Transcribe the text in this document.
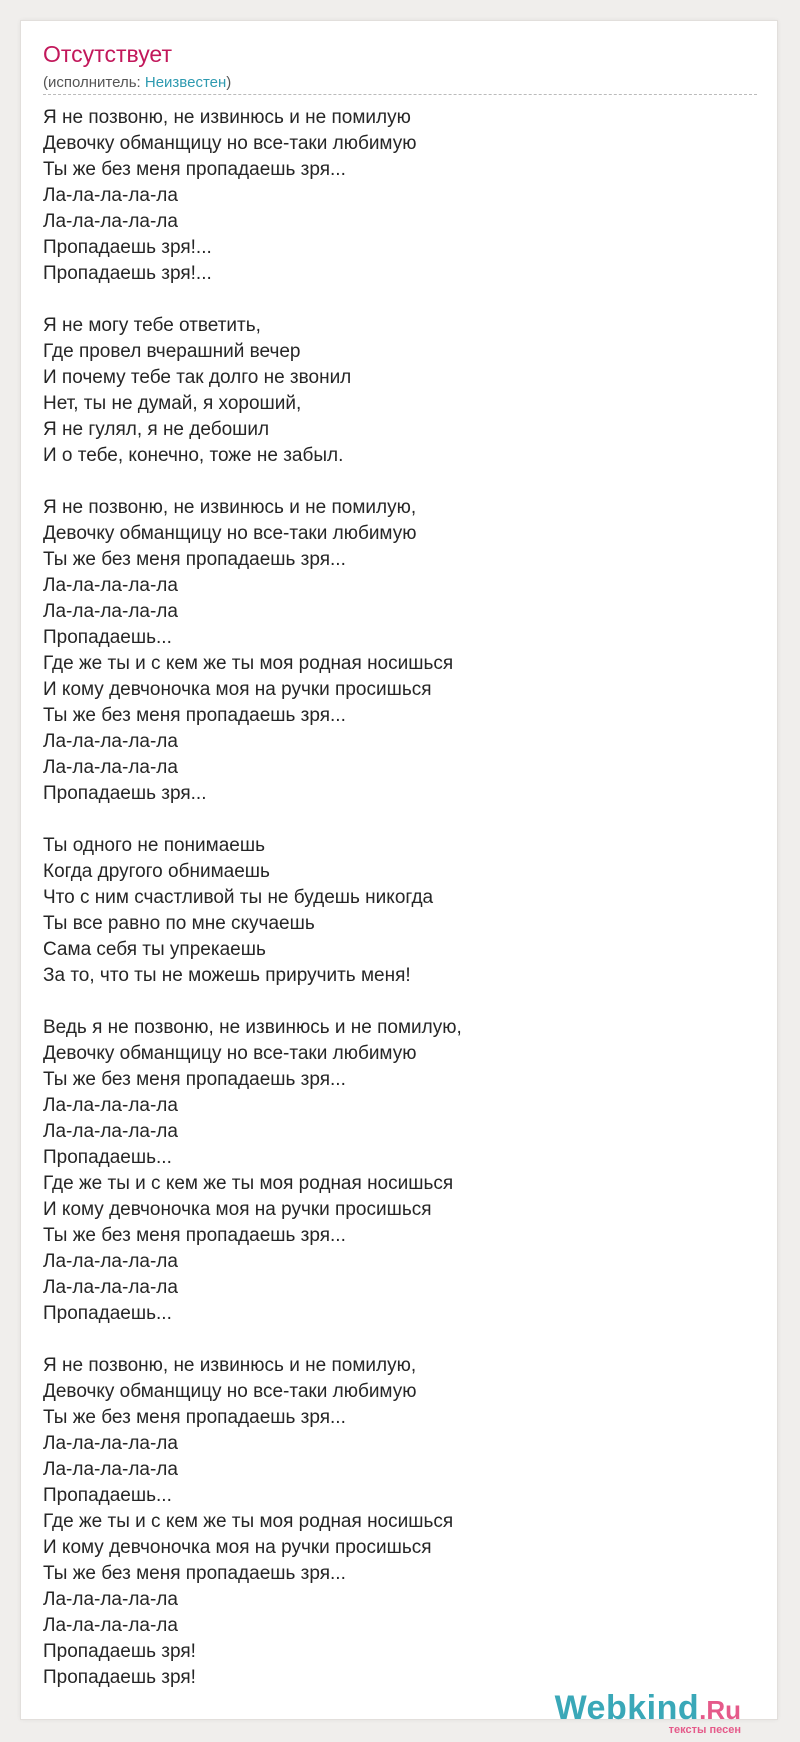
Отсутствует
(исполнитель: Неизвестен)
Я не позвоню, не извинюсь и не помилую
Девочку обманщицу но все-таки любимую
Ты же без меня пропадаешь зря...
Ла-ла-ла-ла-ла
Ла-ла-ла-ла-ла
Пропадаешь зря!...
Пропадаешь зря!...
Я не могу тебе ответить,
Где провел вчерашний вечер
И почему тебе так долго не звонил
Нет, ты не думай, я хороший,
Я не гулял, я не дебошил
И о тебе, конечно, тоже не забыл.
Я не позвоню, не извинюсь и не помилую,
Девочку обманщицу но все-таки любимую
Ты же без меня пропадаешь зря...
Ла-ла-ла-ла-ла
Ла-ла-ла-ла-ла
Пропадаешь...
Где же ты и с кем же ты моя родная носишься
И кому девчоночка моя на ручки просишься
Ты же без меня пропадаешь зря...
Ла-ла-ла-ла-ла
Ла-ла-ла-ла-ла
Пропадаешь зря...
Ты одного не понимаешь
Когда другого обнимаешь
Что с ним счастливой ты не будешь никогда
Ты все равно по мне скучаешь
Сама себя ты упрекаешь
За то, что ты не можешь приручить меня!
Ведь я не позвоню, не извинюсь и не помилую,
Девочку обманщицу но все-таки любимую
Ты же без меня пропадаешь зря...
Ла-ла-ла-ла-ла
Ла-ла-ла-ла-ла
Пропадаешь...
Где же ты и с кем же ты моя родная носишься
И кому девчоночка моя на ручки просишься
Ты же без меня пропадаешь зря...
Ла-ла-ла-ла-ла
Ла-ла-ла-ла-ла
Пропадаешь...
Я не позвоню, не извинюсь и не помилую,
Девочку обманщицу но все-таки любимую
Ты же без меня пропадаешь зря...
Ла-ла-ла-ла-ла
Ла-ла-ла-ла-ла
Пропадаешь...
Где же ты и с кем же ты моя родная носишься
И кому девчоночка моя на ручки просишься
Ты же без меня пропадаешь зря...
Ла-ла-ла-ла-ла
Ла-ла-ла-ла-ла
Пропадаешь зря!
Пропадаешь зря!
Webkind.Ru
тексты песен
